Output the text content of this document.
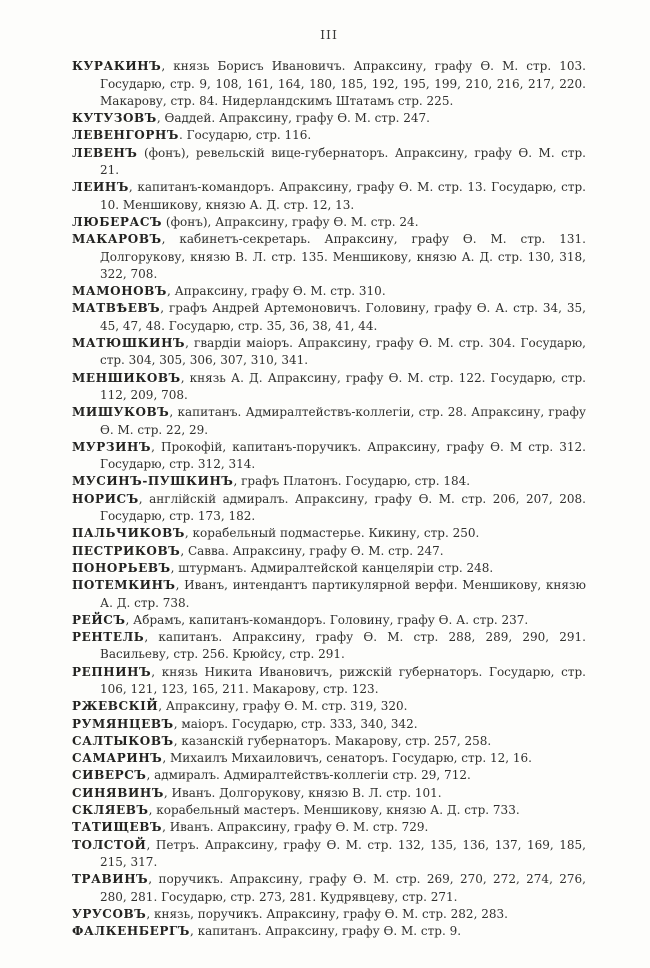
III

КУРАКИНЪ, князь Борисъ Ивановичъ. Апраксину, графу Ѳ. М. стр. 103. Государю, стр. 9, 108, 161, 164, 180, 185, 192, 195, 199, 210, 216, 217, 220. Макарову, стр. 84. Нидерландскимъ Штатамъ стр. 225.

КУТУЗОВЪ, Ѳаддей. Апраксину, графу Ѳ. М. стр. 247.

ЛЕВЕНГОРНЪ. Государю, стр. 116.

ЛЕВЕНЪ (фонъ), ревельскій вице-губернаторъ. Апраксину, графу Ѳ. М. стр. 21.

ЛЕИНЪ, капитанъ-командоръ. Апраксину, графу Ѳ. М. стр. 13. Государю, стр. 10. Меншикову, князю А. Д. стр. 12, 13.

ЛЮБЕРАСЪ (фонъ), Апраксину, графу Ѳ. М. стр. 24.

МАКАРОВЪ, кабинетъ-секретарь. Апраксину, графу Ѳ. М. стр. 131. Долгорукову, князю В. Л. стр. 135. Меншикову, князю А. Д. стр. 130, 318, 322, 708.

МАМОНОВЪ, Апраксину, графу Ѳ. М. стр. 310.

МАТВѢЕВЪ, графъ Андрей Артемоновичъ. Головину, графу Ѳ. А. стр. 34, 35, 45, 47, 48. Государю, стр. 35, 36, 38, 41, 44.

МАТЮШКИНЪ, гвардіи маіоръ. Апраксину, графу Ѳ. М. стр. 304. Государю, стр. 304, 305, 306, 307, 310, 341.

МЕНШИКОВЪ, князь А. Д. Апраксину, графу Ѳ. М. стр. 122. Государю, стр. 112, 209, 708.

МИШУКОВЪ, капитанъ. Адмиралтействъ-коллегіи, стр. 28. Апраксину, графу Ѳ. М. стр. 22, 29.

МУРЗИНЪ, Прокофій, капитанъ-поручикъ. Апраксину, графу Ѳ. М стр. 312. Государю, стр. 312, 314.

МУСИНЪ-ПУШКИНЪ, графъ Платонъ. Государю, стр. 184.

НОРИСЪ, англійскій адмиралъ. Апраксину, графу Ѳ. М. стр. 206, 207, 208. Государю, стр. 173, 182.

ПАЛЬЧИКОВЪ, корабельный подмастерье. Кикину, стр. 250.

ПЕСТРИКОВЪ, Савва. Апраксину, графу Ѳ. М. стр. 247.

ПОНОРЬЕВЪ, штурманъ. Адмиралтейской канцеляріи стр. 248.

ПОТЕМКИНЪ, Иванъ, интендантъ партикулярной верфи. Меншикову, князю А. Д. стр. 738.

РЕЙСЪ, Абрамъ, капитанъ-командоръ. Головину, графу Ѳ. А. стр. 237.

РЕНТЕЛЬ, капитанъ. Апраксину, графу Ѳ. М. стр. 288, 289, 290, 291. Васильеву, стр. 256. Крюйсу, стр. 291.

РЕПНИНЪ, князь Никита Ивановичъ, рижскій губернаторъ. Государю, стр. 106, 121, 123, 165, 211. Макарову, стр. 123.

РЖЕВСКІЙ, Апраксину, графу Ѳ. М. стр. 319, 320.

РУМЯНЦЕВЪ, маіоръ. Государю, стр. 333, 340, 342.

САЛТЫКОВЪ, казанскій губернаторъ. Макарову, стр. 257, 258.

САМАРИНЪ, Михаилъ Михаиловичъ, сенаторъ. Государю, стр. 12, 16.

СИВЕРСЪ, адмиралъ. Адмиралтействъ-коллегіи стр. 29, 712.

СИНЯВИНЪ, Иванъ. Долгорукову, князю В. Л. стр. 101.

СКЛЯЕВЪ, корабельный мастеръ. Меншикову, князю А. Д. стр. 733.

ТАТИЩЕВЪ, Иванъ. Апраксину, графу Ѳ. М. стр. 729.

ТОЛСТОЙ, Петръ. Апраксину, графу Ѳ. М. стр. 132, 135, 136, 137, 169, 185, 215, 317.

ТРАВИНЪ, поручикъ. Апраксину, графу Ѳ. М. стр. 269, 270, 272, 274, 276, 280, 281. Государю, стр. 273, 281. Кудрявцеву, стр. 271.

УРУСОВЪ, князь, поручикъ. Апраксину, графу Ѳ. М. стр. 282, 283.

ФАЛКЕНБЕРГЪ, капитанъ. Апраксину, графу Ѳ. М. стр. 9.
